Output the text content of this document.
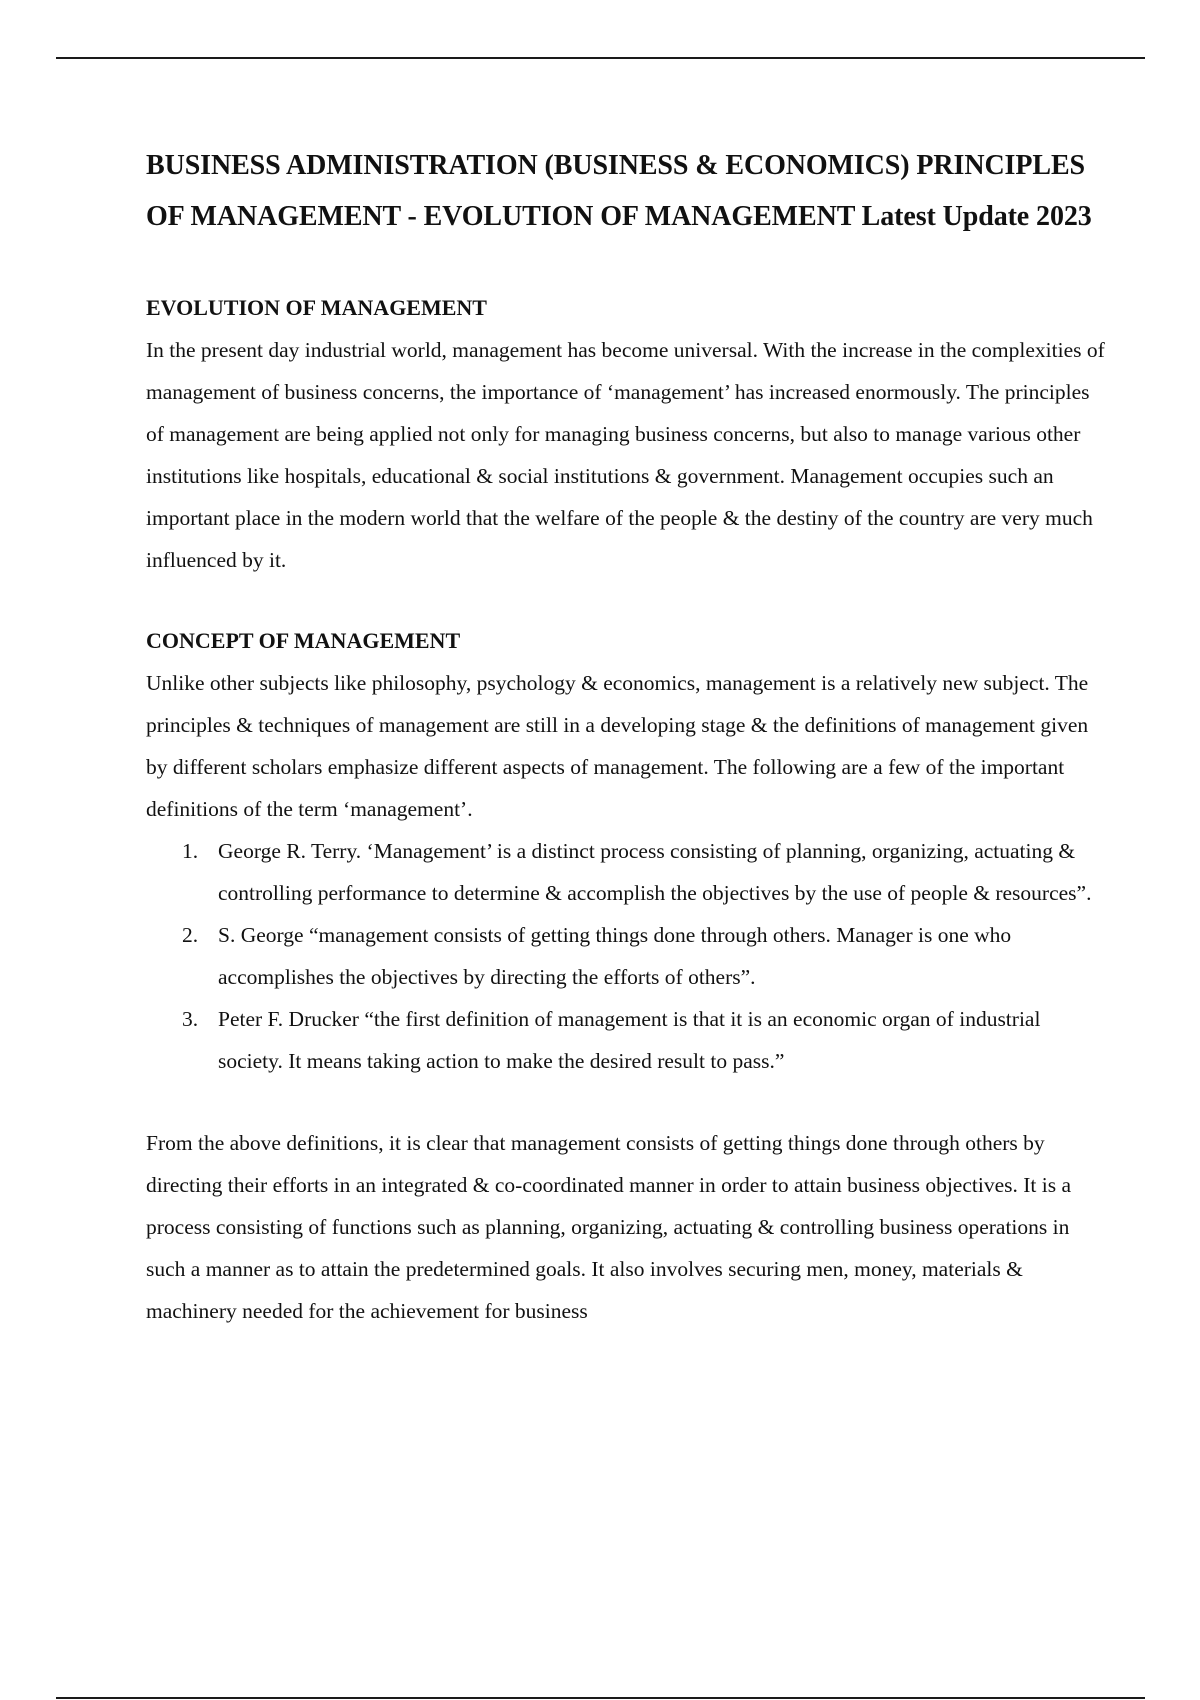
BUSINESS ADMINISTRATION (BUSINESS & ECONOMICS) PRINCIPLES OF MANAGEMENT - EVOLUTION OF MANAGEMENT Latest Update 2023
EVOLUTION OF MANAGEMENT

In the present day industrial world, management has become universal. With the increase in the complexities of management of business concerns, the importance of ‘management’ has increased enormously. The principles of management are being applied not only for managing business concerns, but also to manage various other institutions like hospitals, educational & social institutions & government. Management occupies such an important place in the modern world that the welfare of the people & the destiny of the country are very much influenced by it.

CONCEPT OF MANAGEMENT

Unlike other subjects like philosophy, psychology & economics, management is a relatively new subject. The principles & techniques of management are still in a developing stage & the definitions of management given by different scholars emphasize different aspects of management. The following are a few of the important definitions of the term ‘management’.

1. George R. Terry. ‘Management’ is a distinct process consisting of planning, organizing, actuating & controlling performance to determine & accomplish the objectives by the use of people & resources”.
2. S. George “management consists of getting things done through others. Manager is one who accomplishes the objectives by directing the efforts of others”.
3. Peter F. Drucker “the first definition of management is that it is an economic organ of industrial society. It means taking action to make the desired result to pass.”

From the above definitions, it is clear that management consists of getting things done through others by directing their efforts in an integrated & co-coordinated manner in order to attain business objectives. It is a process consisting of functions such as planning, organizing, actuating & controlling business operations in such a manner as to attain the predetermined goals. It also involves securing men, money, materials & machinery needed for the achievement for business
